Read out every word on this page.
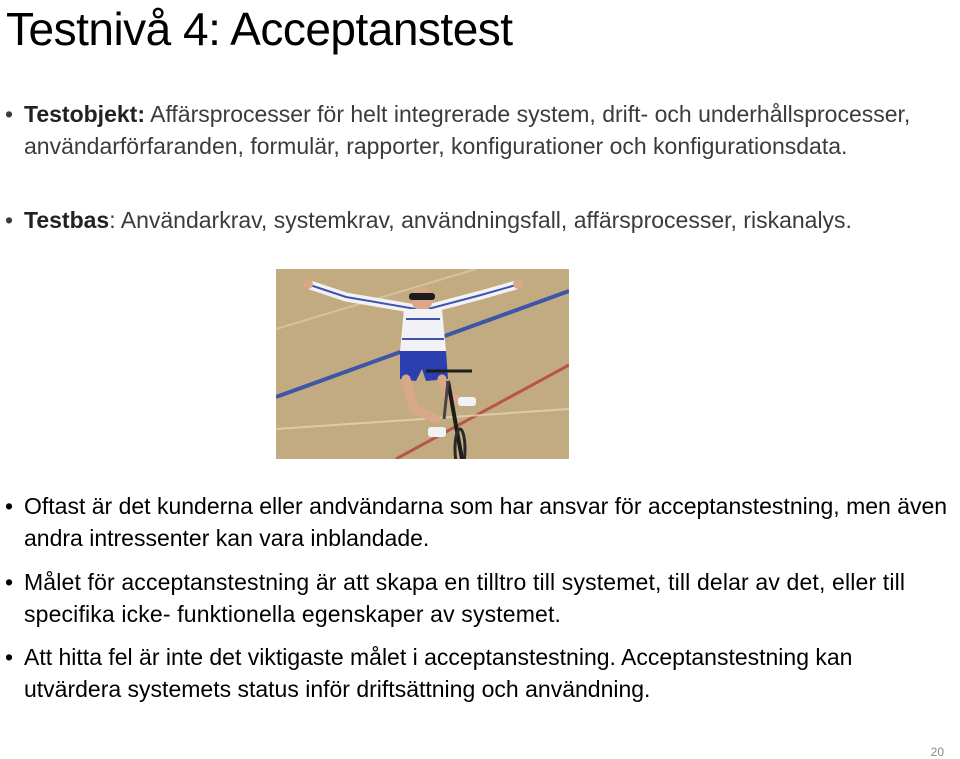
Testnivå 4: Acceptanstest

• Testobjekt: Affärsprocesser för helt integrerade system, drift- och underhållsprocesser, användarförfaranden, formulär, rapporter, konfigurationer och konfigurationsdata.

• Testbas: Användarkrav, systemkrav, användningsfall, affärsprocesser, riskanalys.

• Oftast är det kunderna eller andvändarna som har ansvar för acceptanstestning, men även andra intressenter kan vara inblandade.

• Målet för acceptanstestning är att skapa en tilltro till systemet, till delar av det, eller till specifika icke- funktionella egenskaper av systemet.

• Att hitta fel är inte det viktigaste målet i acceptanstestning. Acceptanstestning kan utvärdera systemets status inför driftsättning och användning.

20
